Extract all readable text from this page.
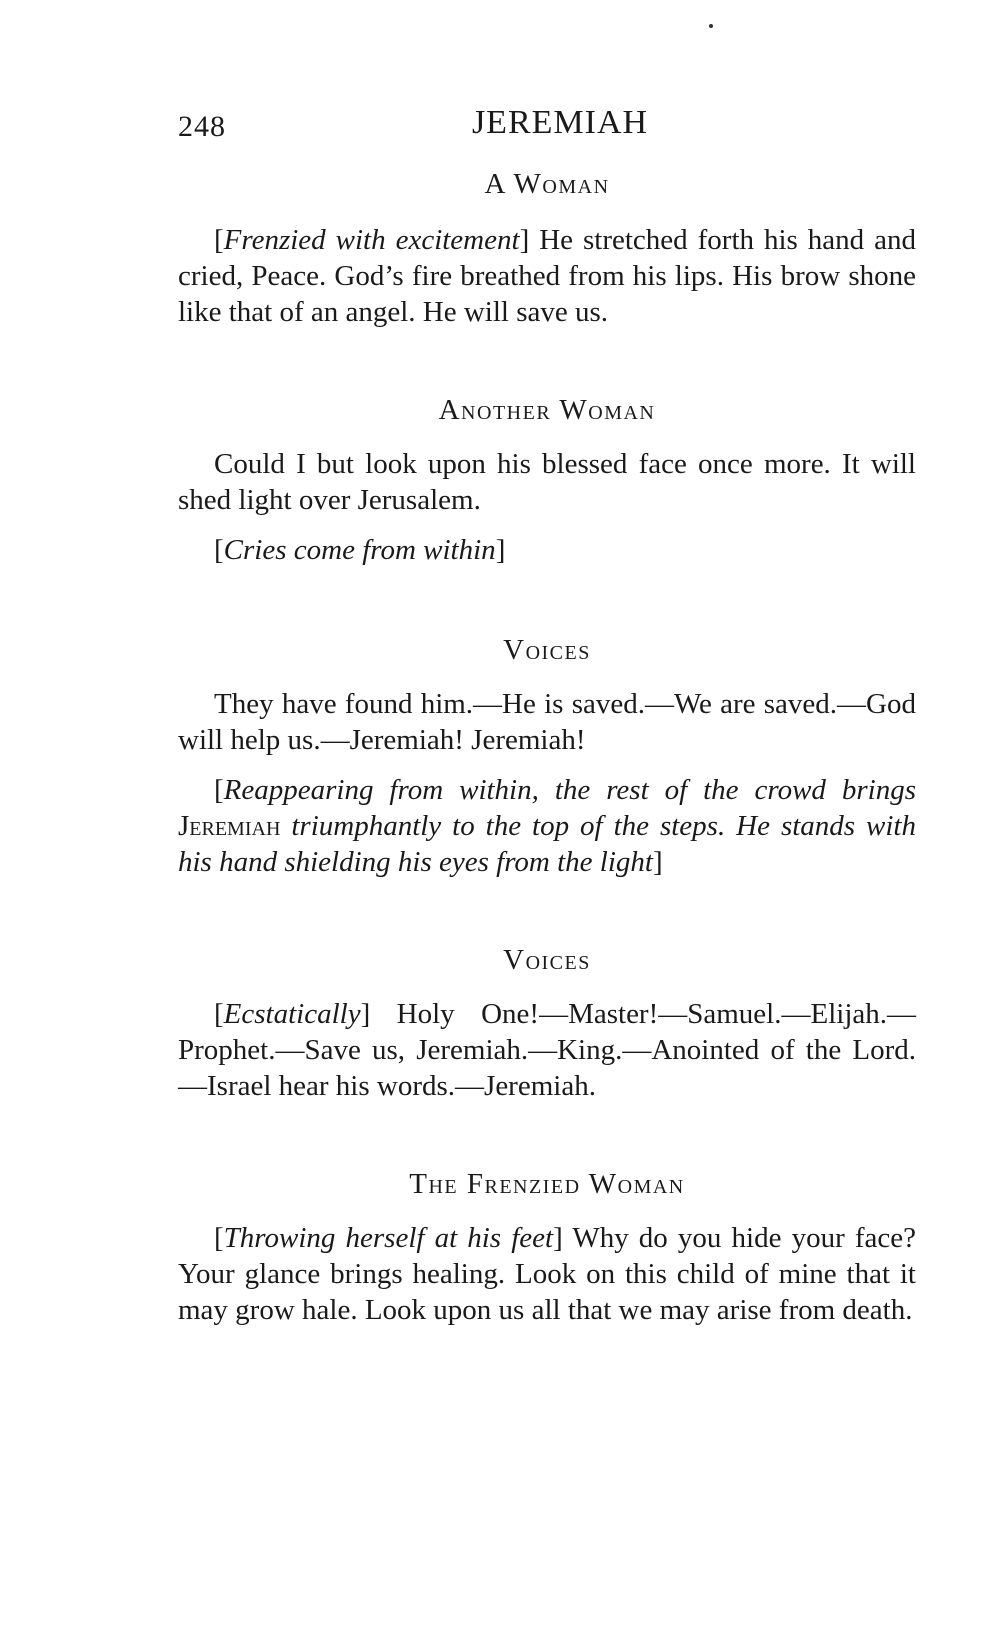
248	JEREMIAH
A Woman

[Frenzied with excitement] He stretched forth his hand and cried, Peace. God’s fire breathed from his lips. His brow shone like that of an angel. He will save us.

Another Woman

Could I but look upon his blessed face once more. It will shed light over Jerusalem.

[Cries come from within]

Voices

They have found him.—He is saved.—We are saved.—God will help us.—Jeremiah! Jeremiah!

[Reappearing from within, the rest of the crowd brings Jeremiah triumphantly to the top of the steps. He stands with his hand shielding his eyes from the light]

Voices

[Ecstatically] Holy One!—Master!—Samuel.—Elijah.—Prophet.—Save us, Jeremiah.—King.—Anointed of the Lord.—Israel hear his words.—Jeremiah.

The Frenzied Woman

[Throwing herself at his feet] Why do you hide your face? Your glance brings healing. Look on this child of mine that it may grow hale. Look upon us all that we may arise from death.
